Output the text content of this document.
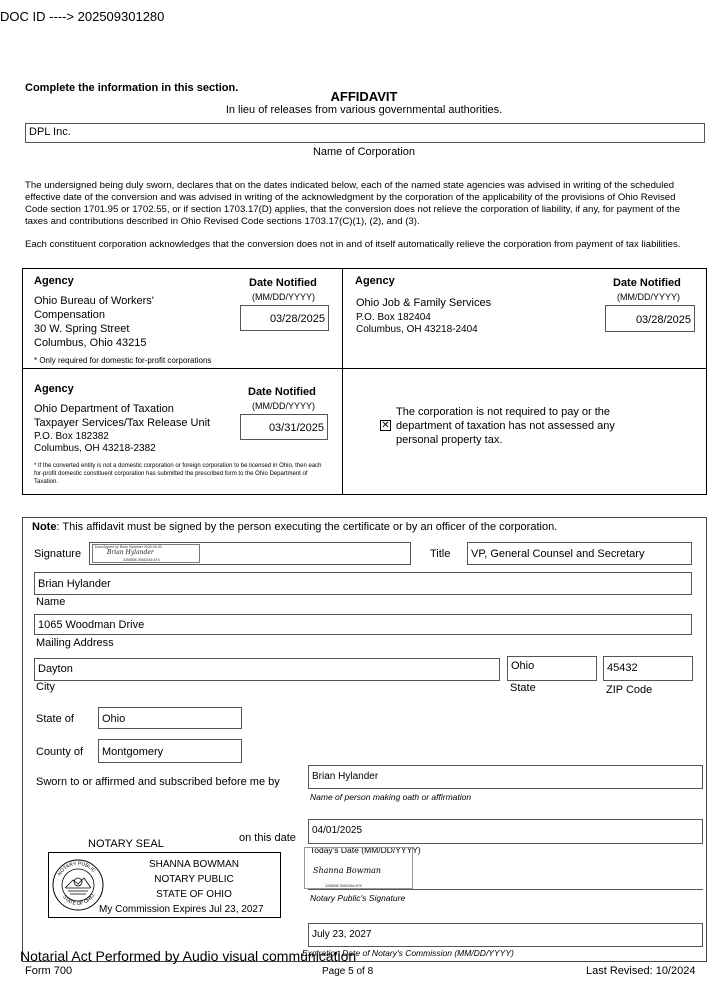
DOC ID ----> 202509301280
Complete the information in this section.
AFFIDAVIT
In lieu of releases from various governmental authorities.
DPL Inc.
Name of Corporation
The undersigned being duly sworn, declares that on the dates indicated below, each of the named state agencies was advised in writing of the scheduled effective date of the conversion and was advised in writing of the acknowledgment by the corporation of the applicability of the provisions of Ohio Revised Code section 1701.95 or 1702.55, or if section 1703.17(D) applies, that the conversion does not relieve the corporation of liability, if any, for payment of the taxes and contributions described in Ohio Revised Code sections 1703.17(C)(1), (2), and (3).
Each constituent corporation acknowledges that the conversion does not in and of itself automatically relieve the corporation from payment of tax liabilities.
Agency
Ohio Bureau of Workers'
Compensation
30 W. Spring Street
Columbus, Ohio 43215
* Only required for domestic for-profit corporations
Date Notified
(MM/DD/YYYY)
03/28/2025
Agency
Ohio Job & Family Services
P.O. Box 182404
Columbus, OH 43218-2404
Date Notified
(MM/DD/YYYY)
03/28/2025
Agency
Ohio Department of Taxation
Taxpayer Services/Tax Release Unit
P.O. Box 182382
Columbus, OH 43218-2382
* If the converted entity is not a domestic corporation or foreign corporation to be licensed in Ohio, then each for-profit domestic constituent corporation has submitted the prescribed form to the Ohio Department of Taxation.
Date Notified
(MM/DD/YYYY)
03/31/2025	✕
The corporation is not required to pay or the department of taxation has not assessed any personal property tax.
Note: This affidavit must be signed by the person executing the certificate or by an officer of the corporation.
Signature
DocuSigned by Brian Hylander 2025-09-30
Brian Hylander
3258808 2B6D0A6 4FA	Title	VP, General Counsel and Secretary
Brian Hylander
Name
1065 Woodman Drive
Mailing Address
Dayton
City
Ohio
State
45432
ZIP Code
State of	Ohio
County of	Montgomery
Sworn to or affirmed and subscribed before me by	Brian Hylander
Name of person making oath or affirmation
NOTARY SEAL	on this date
Today's Date (MM/DD/YYYY)
04/01/2025
NOTARY PUBLIC
STATE OF OHIO
SHANNA BOWMAN
NOTARY PUBLIC
STATE OF OHIO
My Commission Expires Jul 23, 2027
Shanna Bowman
3258808 2B6D0A6 4FA
Notary Public's Signature
July 23, 2027
Expiration Date of Notary's Commission (MM/DD/YYYY)
Notarial Act Performed by Audio visual communication
Form 700	Page 5 of 8	Last Revised: 10/2024
